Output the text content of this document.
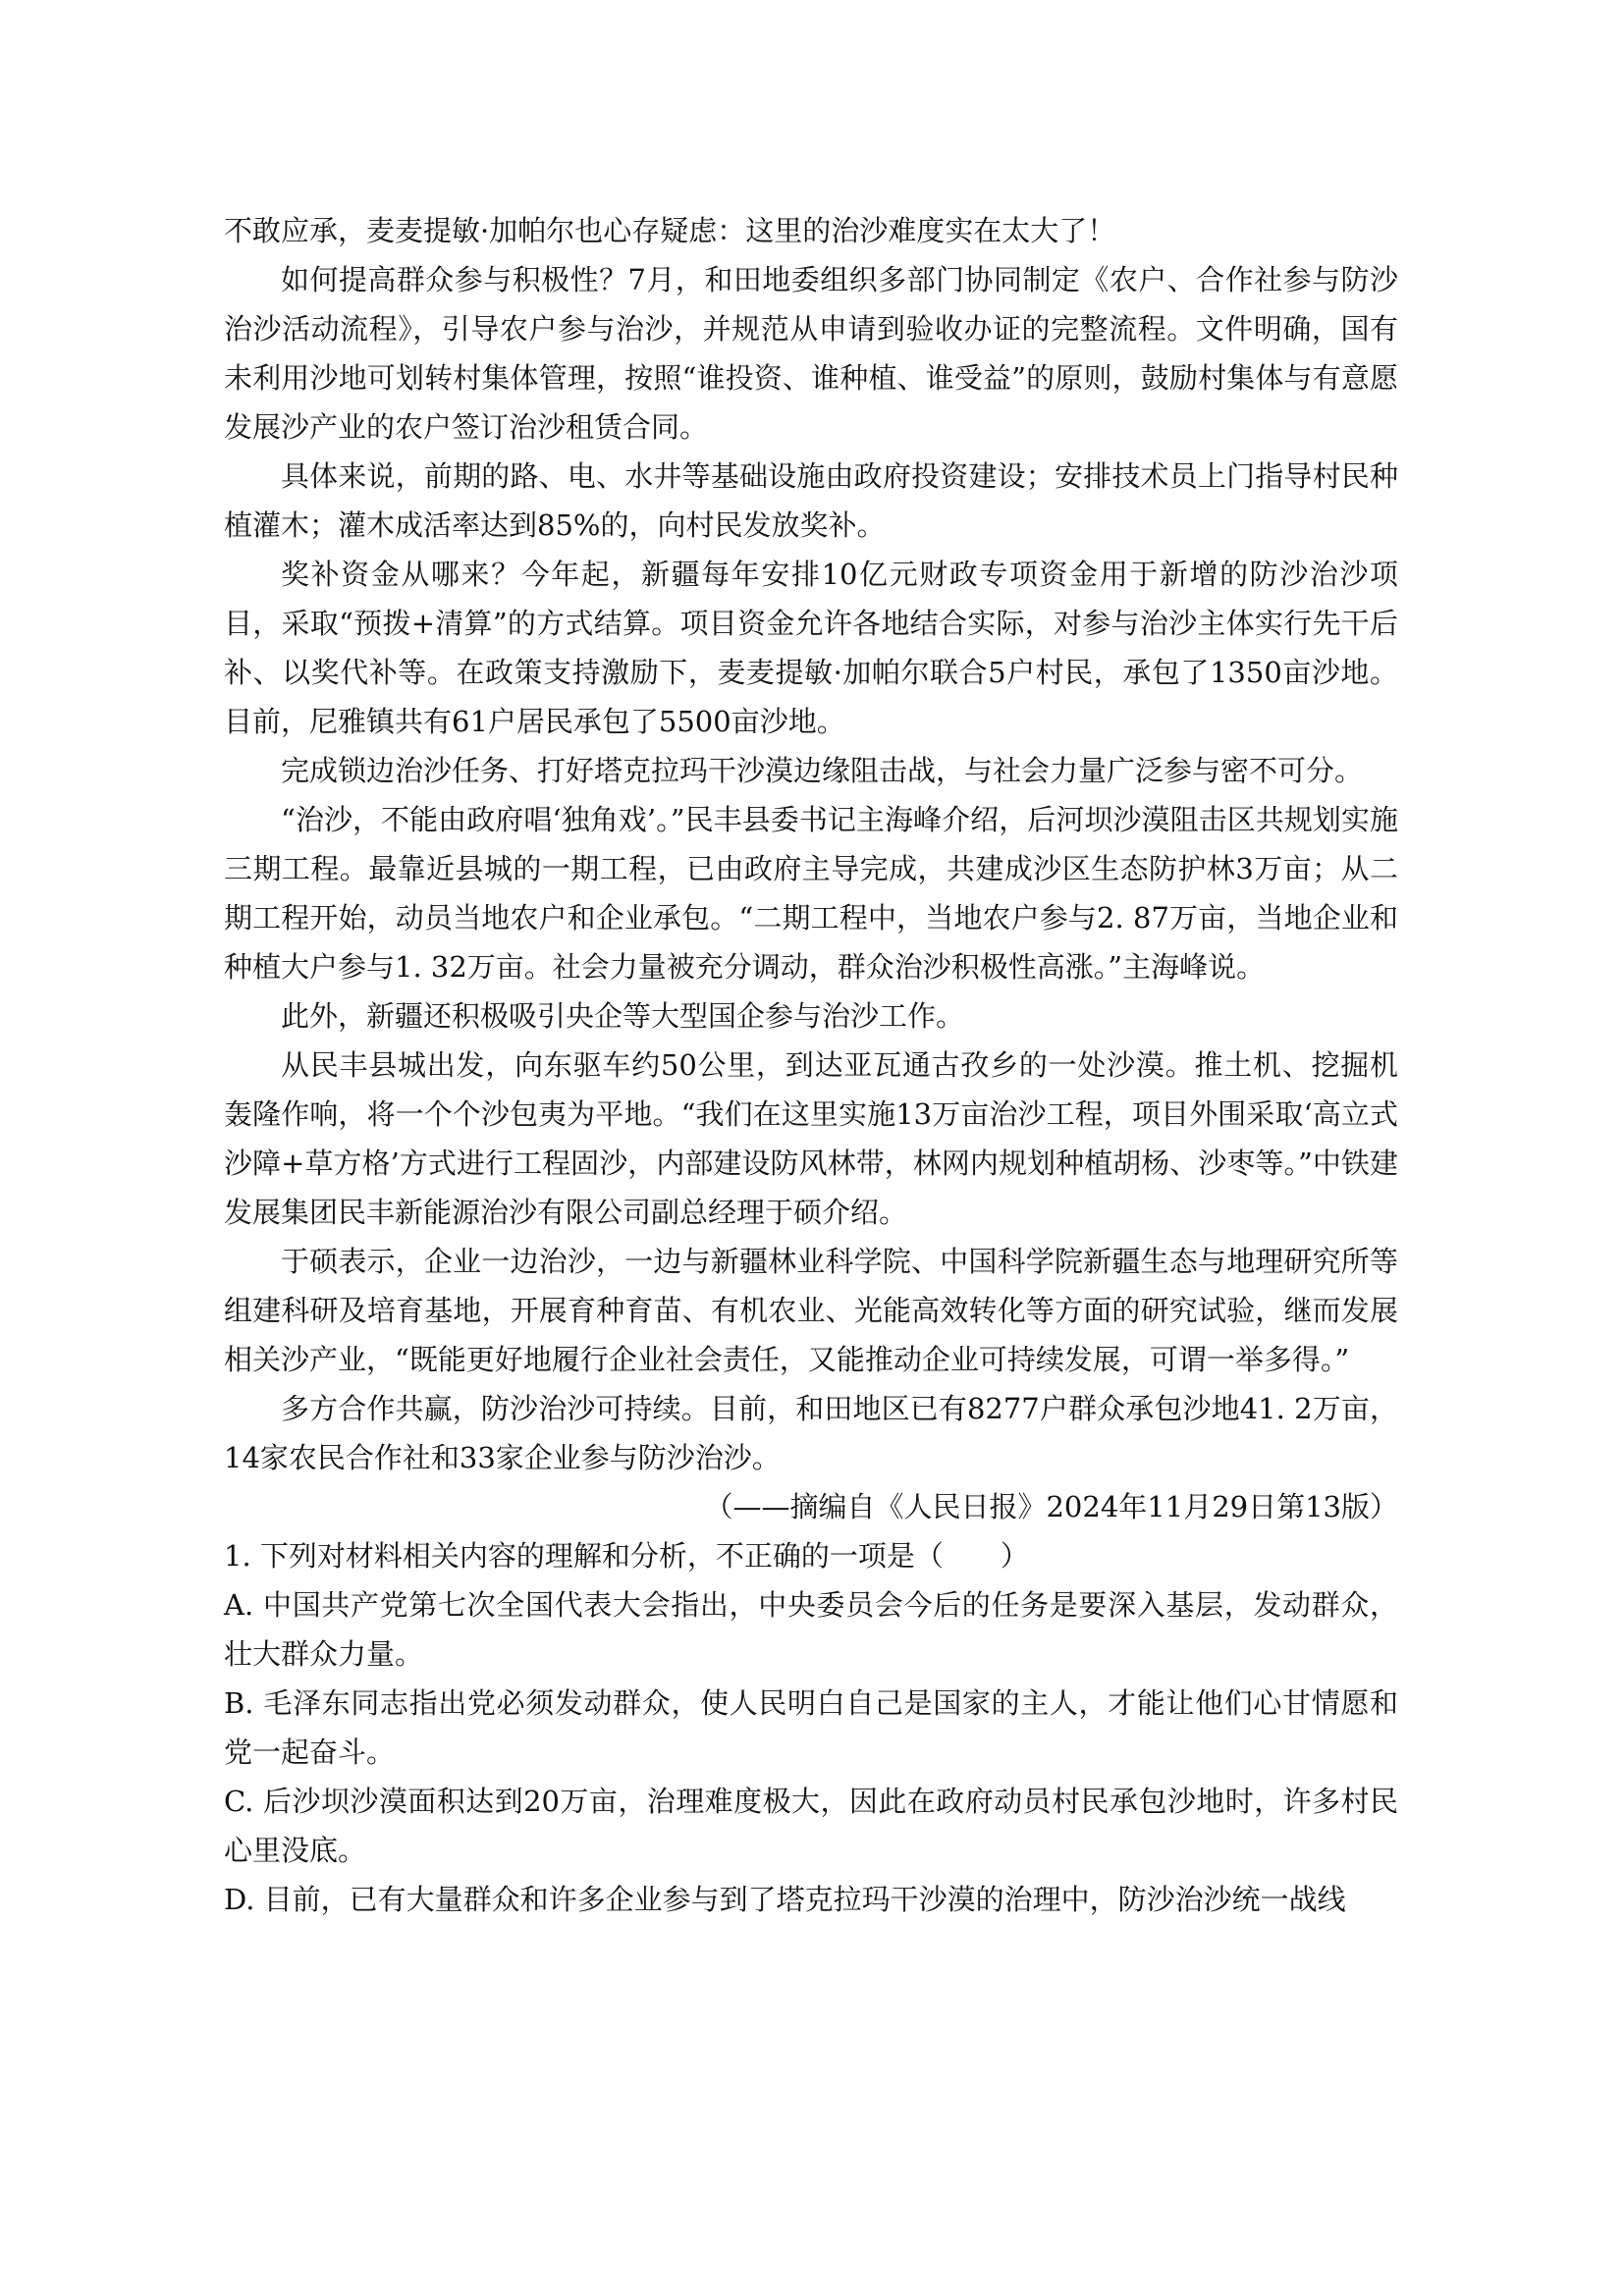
不敢应承，麦麦提敏·加帕尔也心存疑虑：这里的治沙难度实在太大了！

如何提高群众参与积极性？7月，和田地委组织多部门协同制定《农户、合作社参与防沙治沙活动流程》，引导农户参与治沙，并规范从申请到验收办证的完整流程。文件明确，国有未利用沙地可划转村集体管理，按照“谁投资、谁种植、谁受益”的原则，鼓励村集体与有意愿发展沙产业的农户签订治沙租赁合同。

具体来说，前期的路、电、水井等基础设施由政府投资建设；安排技术员上门指导村民种植灌木；灌木成活率达到85%的，向村民发放奖补。

奖补资金从哪来？今年起，新疆每年安排10亿元财政专项资金用于新增的防沙治沙项目，采取“预拨+清算”的方式结算。项目资金允许各地结合实际，对参与治沙主体实行先干后补、以奖代补等。在政策支持激励下，麦麦提敏·加帕尔联合5户村民，承包了1350亩沙地。目前，尼雅镇共有61户居民承包了5500亩沙地。

完成锁边治沙任务、打好塔克拉玛干沙漠边缘阻击战，与社会力量广泛参与密不可分。

“治沙，不能由政府唱‘独角戏’。”民丰县委书记主海峰介绍，后河坝沙漠阻击区共规划实施三期工程。最靠近县城的一期工程，已由政府主导完成，共建成沙区生态防护林3万亩；从二期工程开始，动员当地农户和企业承包。“二期工程中，当地农户参与2. 87万亩，当地企业和种植大户参与1. 32万亩。社会力量被充分调动，群众治沙积极性高涨。”主海峰说。

此外，新疆还积极吸引央企等大型国企参与治沙工作。

从民丰县城出发，向东驱车约50公里，到达亚瓦通古孜乡的一处沙漠。推土机、挖掘机轰隆作响，将一个个沙包夷为平地。“我们在这里实施13万亩治沙工程，项目外围采取‘高立式沙障+草方格’方式进行工程固沙，内部建设防风林带，林网内规划种植胡杨、沙枣等。”中铁建发展集团民丰新能源治沙有限公司副总经理于硕介绍。

于硕表示，企业一边治沙，一边与新疆林业科学院、中国科学院新疆生态与地理研究所等组建科研及培育基地，开展育种育苗、有机农业、光能高效转化等方面的研究试验，继而发展相关沙产业，“既能更好地履行企业社会责任，又能推动企业可持续发展，可谓一举多得。”

多方合作共赢，防沙治沙可持续。目前，和田地区已有8277户群众承包沙地41. 2万亩，14家农民合作社和33家企业参与防沙治沙。

（——摘编自《人民日报》2024年11月29日第13版）

1. 下列对材料相关内容的理解和分析，不正确的一项是（　　）

A. 中国共产党第七次全国代表大会指出，中央委员会今后的任务是要深入基层，发动群众，壮大群众力量。

B. 毛泽东同志指出党必须发动群众，使人民明白自己是国家的主人，才能让他们心甘情愿和党一起奋斗。

C. 后沙坝沙漠面积达到20万亩，治理难度极大，因此在政府动员村民承包沙地时，许多村民心里没底。

D. 目前，已有大量群众和许多企业参与到了塔克拉玛干沙漠的治理中，防沙治沙统一战线
